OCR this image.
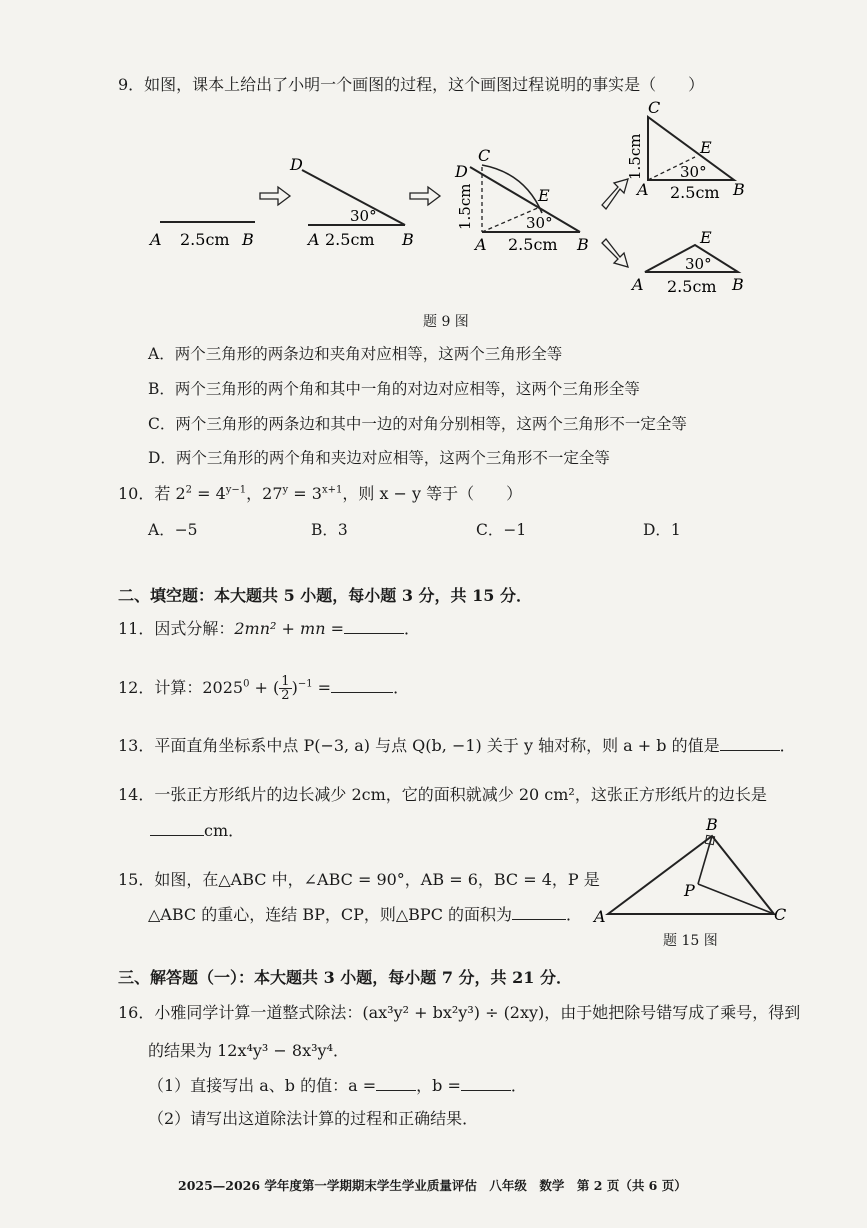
9．如图，课本上给出了小明一个画图的过程，这个画图过程说明的事实是（　　）
A 2.5cm B
D
30°
A 2.5cm B
D
C
E
30°
1.5cm
A 2.5cm B
C
E
30°
1.5cm
A 2.5cm B
E
30°
A 2.5cm B
题 9 图
A．两个三角形的两条边和夹角对应相等，这两个三角形全等
B．两个三角形的两个角和其中一角的对边对应相等，这两个三角形全等
C．两个三角形的两条边和其中一边的对角分别相等，这两个三角形不一定全等
D．两个三角形的两个角和夹边对应相等，这两个三角形不一定全等
10．若 $2^2 = 4^{y-1}$，$27^y = 3^{x+1}$，则 x − y 等于（　　）
A．−5	B．3	C．−1	D．1
二、填空题：本大题共 5 小题，每小题 3 分，共 15 分．
11．因式分解：2mn² + mn =	．
12．计算：$2025^0$ + ( 1
2 )$^{-1}$ =	．
13．平面直角坐标系中点 P(−3, a) 与点 Q(b, −1) 关于 y 轴对称，则 a + b 的值是	．
14．一张正方形纸片的边长减少 2cm，它的面积就减少 20 cm²，这张正方形纸片的边长是
cm．
15．如图，在△ABC 中，∠ABC = 90°，AB = 6，BC = 4，P 是
△ABC 的重心，连结 BP，CP，则△BPC 的面积为	．
B
P
A	C
题 15 图
三、解答题（一）：本大题共 3 小题，每小题 7 分，共 21 分．
16．小雅同学计算一道整式除法：(ax³y² + bx²y³) ÷ (2xy)，由于她把除号错写成了乘号，得到
的结果为 12x⁴y³ − 8x³y⁴．
（1）直接写出 a、b 的值：a =	，b =	．
（2）请写出这道除法计算的过程和正确结果．
2025—2026 学年度第一学期期末学生学业质量评估　八年级　数学　第 2 页（共 6 页）
